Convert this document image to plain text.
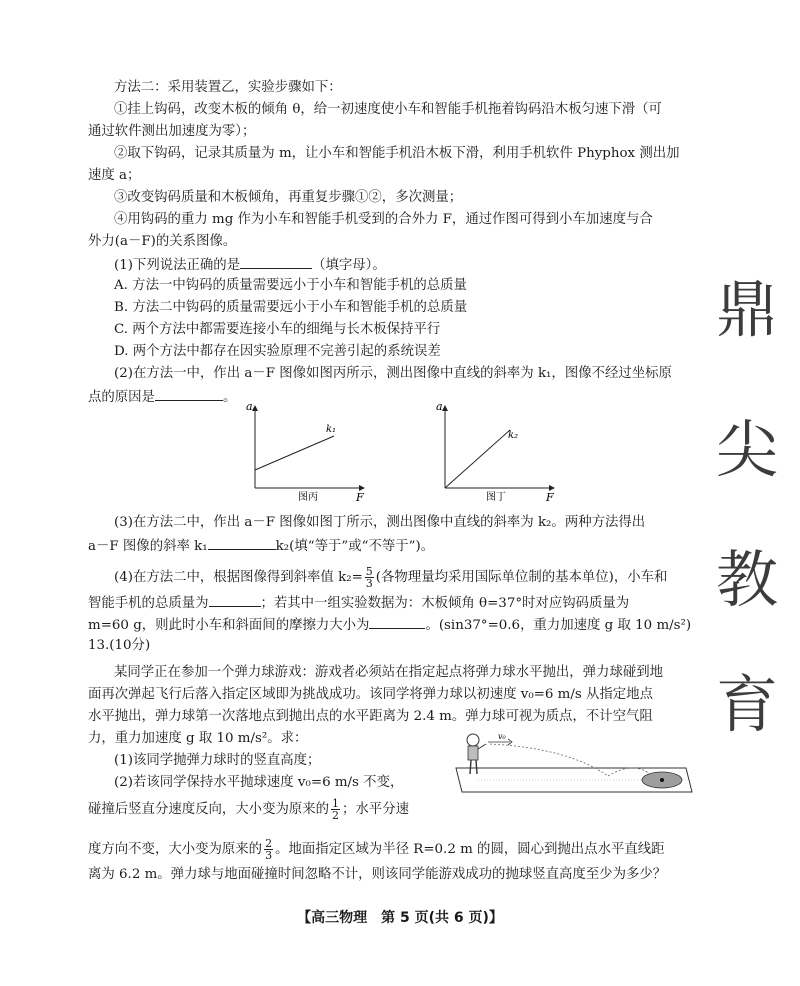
方法二：采用装置乙，实验步骤如下：
①挂上钩码，改变木板的倾角 θ，给一初速度使小车和智能手机拖着钩码沿木板匀速下滑（可
通过软件测出加速度为零）；
②取下钩码，记录其质量为 m，让小车和智能手机沿木板下滑，利用手机软件 Phyphox 测出加
速度 a；
③改变钩码质量和木板倾角，再重复步骤①②，多次测量；
④用钩码的重力 mg 作为小车和智能手机受到的合外力 F，通过作图可得到小车加速度与合
外力(a－F)的关系图像。
(1)下列说法正确的是	（填字母）。
A. 方法一中钩码的质量需要远小于小车和智能手机的总质量
B. 方法二中钩码的质量需要远小于小车和智能手机的总质量
C. 两个方法中都需要连接小车的细绳与长木板保持平行
D. 两个方法中都存在因实验原理不完善引起的系统误差
(2)在方法一中，作出 a－F 图像如图丙所示，测出图像中直线的斜率为 k₁，图像不经过坐标原
点的原因是	。
a
F
k₁
图丙
a
F
k₂
图丁
(3)在方法二中，作出 a－F 图像如图丁所示，测出图像中直线的斜率为 k₂。两种方法得出
a－F 图像的斜率 k₁	k₂(填“等于”或“不等于”)。
(4)在方法二中，根据图像得到斜率值 $k_2= \frac{5}{3}$ (各物理量均采用国际单位制的基本单位)，小车和
智能手机的总质量为	；若其中一组实验数据为：木板倾角 θ=37°时对应钩码质量为
m=60 g，则此时小车和斜面间的摩擦力大小为	。(sin37°=0.6，重力加速度 g 取 10 m/s²)
13.(10分)
某同学正在参加一个弹力球游戏：游戏者必须站在指定起点将弹力球水平抛出，弹力球碰到地
面再次弹起飞行后落入指定区域即为挑战成功。该同学将弹力球以初速度 v₀=6 m/s 从指定地点
水平抛出，弹力球第一次落地点到抛出点的水平距离为 2.4 m。弹力球可视为质点，不计空气阻
力，重力加速度 g 取 10 m/s²。求：
(1)该同学抛弹力球时的竖直高度；
(2)若该同学保持水平抛球速度 v₀=6 m/s 不变，
碰撞后竖直分速度反向，大小变为原来的 $\frac{1}{2}$ ；水平分速
度方向不变，大小变为原来的 $\frac{2}{3}$ 。地面指定区域为半径 R=0.2 m 的圆，圆心到抛出点水平直线距
离为 6.2 m。弹力球与地面碰撞时间忽略不计，则该同学能游戏成功的抛球竖直高度至少为多少？
v₀
鼎
尖
教
育
【高三物理　第 5 页(共 6 页)】
